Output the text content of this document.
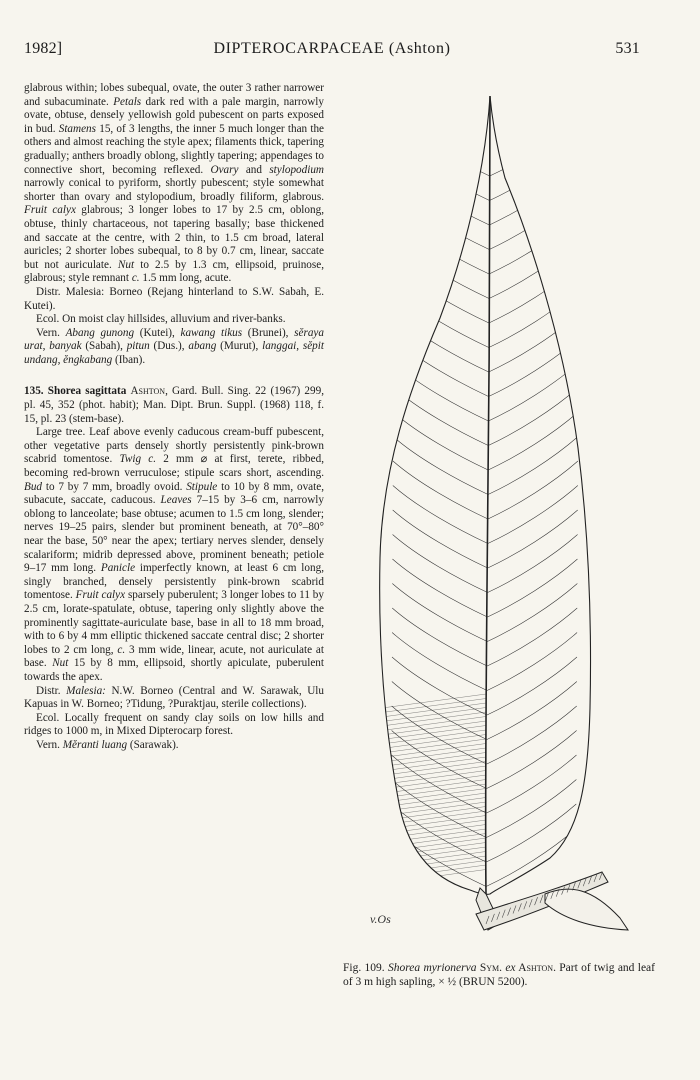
1982]	DIPTEROCARPACEAE (Ashton)	531

glabrous within; lobes subequal, ovate, the outer 3 rather narrower and subacuminate. Petals dark red with a pale margin, narrowly ovate, obtuse, densely yellowish gold pubescent on parts exposed in bud. Stamens 15, of 3 lengths, the inner 5 much longer than the others and almost reaching the style apex; filaments thick, tapering gradually; anthers broadly oblong, slightly tapering; appendages to connective short, becoming reflexed. Ovary and stylopodium narrowly conical to pyriform, shortly pubescent; style somewhat shorter than ovary and stylopodium, broadly filiform, glabrous. Fruit calyx glabrous; 3 longer lobes to 17 by 2.5 cm, oblong, obtuse, thinly chartaceous, not tapering basally; base thickened and saccate at the centre, with 2 thin, to 1.5 cm broad, lateral auricles; 2 shorter lobes subequal, to 8 by 0.7 cm, linear, saccate but not auriculate. Nut to 2.5 by 1.3 cm, ellipsoid, pruinose, glabrous; style remnant c. 1.5 mm long, acute.

Distr. Malesia: Borneo (Rejang hinterland to S.W. Sabah, E. Kutei).

Ecol. On moist clay hillsides, alluvium and river-banks.

Vern. Abang gunong (Kutei), kawang tikus (Brunei), sĕraya urat, banyak (Sabah), pitun (Dus.), abang (Murut), langgai, sĕpit undang, ĕngkabang (Iban).

135. Shorea sagittata Ashton, Gard. Bull. Sing. 22 (1967) 299, pl. 45, 352 (phot. habit); Man. Dipt. Brun. Suppl. (1968) 118, f. 15, pl. 23 (stem-base).

Large tree. Leaf above evenly caducous cream-buff pubescent, other vegetative parts densely shortly persistently pink-brown scabrid tomentose. Twig c. 2 mm ⌀ at first, terete, ribbed, becoming red-brown verruculose; stipule scars short, ascending. Bud to 7 by 7 mm, broadly ovoid. Stipule to 10 by 8 mm, ovate, subacute, saccate, caducous. Leaves 7–15 by 3–6 cm, narrowly oblong to lanceolate; base obtuse; acumen to 1.5 cm long, slender; nerves 19–25 pairs, slender but prominent beneath, at 70°–80° near the base, 50° near the apex; tertiary nerves slender, densely scalariform; midrib depressed above, prominent beneath; petiole 9–17 mm long. Panicle imperfectly known, at least 6 cm long, singly branched, densely persistently pink-brown scabrid tomentose. Fruit calyx sparsely puberulent; 3 longer lobes to 11 by 2.5 cm, lorate-spatulate, obtuse, tapering only slightly above the prominently sagittate-auriculate base, base in all to 18 mm broad, with to 6 by 4 mm elliptic thickened saccate central disc; 2 shorter lobes to 2 cm long, c. 3 mm wide, linear, acute, not auriculate at base. Nut 15 by 8 mm, ellipsoid, shortly apiculate, puberulent towards the apex.

Distr. Malesia: N.W. Borneo (Central and W. Sarawak, Ulu Kapuas in W. Borneo; ?Tidung, ?Puraktjau, sterile collections).

Ecol. Locally frequent on sandy clay soils on low hills and ridges to 1000 m, in Mixed Dipterocarp forest.

Vern. Mĕranti luang (Sarawak).

v.Os
Fig. 109. Shorea myrionerva Sym. ex Ashton. Part of twig and leaf of 3 m high sapling, × ½ (BRUN 5200).
